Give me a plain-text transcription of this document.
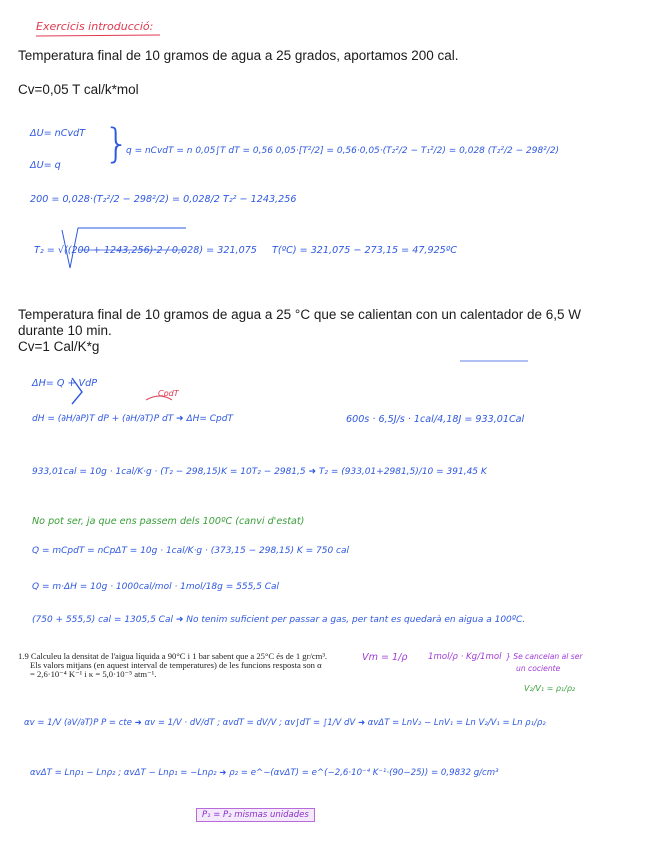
Exercicis introducció:
Temperatura final de 10 gramos de agua a 25 grados, aportamos 200 cal.
Cv=0,05 T cal/k*mol
ΔU= nCvdT
ΔU= q }
q = nCvdT = n 0,05∫T dT = 0,56 0,05·[T²/2] = 0,56·0,05·(T₂²/2 − T₁²/2) = 0,028 (T₂²/2 − 298²/2)
200 = 0,028·(T₂²/2 − 298²/2) = 0,028/2 T₂² − 1243,256
T₂ = √((200 + 1243,256)·2 / 0,028) = 321,075 T(ºC) = 321,075 − 273,15 = 47,925ºC
Temperatura final de 10 gramos de agua a 25 °C que se calientan con un calentador de 6,5 W
durante 10 min.
Cv=1 Cal/K*g
ΔH= Q + VdP
CpdT
dH = (∂H/∂P)T dP + (∂H/∂T)P dT ➜ ΔH= CpdT	600s · 6,5J/s · 1cal/4,18J = 933,01Cal
933,01cal = 10g · 1cal/K·g · (T₂ − 298,15)K = 10T₂ − 2981,5 ➜ T₂ = (933,01+2981,5)/10 = 391,45 K
No pot ser, ja que ens passem dels 100ºC (canvi d'estat)
Q = mCpdT = nCpΔT = 10g · 1cal/K·g · (373,15 − 298,15) K = 750 cal
Q = m·ΔH = 10g · 1000cal/mol · 1mol/18g = 555,5 Cal
(750 + 555,5) cal = 1305,5 Cal ➜ No tenim suficient per passar a gas, per tant es quedarà en aigua a 100ºC.
1.9 Calculeu la densitat de l'aigua líquida a 90°C i 1 bar sabent que a 25°C és de 1 gr/cm³.
Els valors mitjans (en aquest interval de temperatures) de les funcions resposta son α
= 2,6·10⁻⁴ K⁻¹ i κ = 5,0·10⁻⁵ atm⁻¹.
Vm = 1/ρ 1mol/ρ · Kg/1mol } Se cancelan al ser
un cociente
V₂/V₁ = ρ₁/ρ₂
αv = 1/V (∂V/∂T)P P = cte ➜ αv = 1/V · dV/dT ; αvdT = dV/V ; αv∫dT = ∫1/V dV ➜ αvΔT = LnV₂ − LnV₁ = Ln V₂/V₁ = Ln ρ₁/ρ₂
αvΔT = Lnρ₁ − Lnρ₂ ; αvΔT − Lnρ₁ = −Lnρ₂ ➜ ρ₂ = e^−(αvΔT) = e^(−2,6·10⁻⁴ K⁻¹·(90−25)) = 0,9832 g/cm³
P₁ = P₂ mismas unidades
